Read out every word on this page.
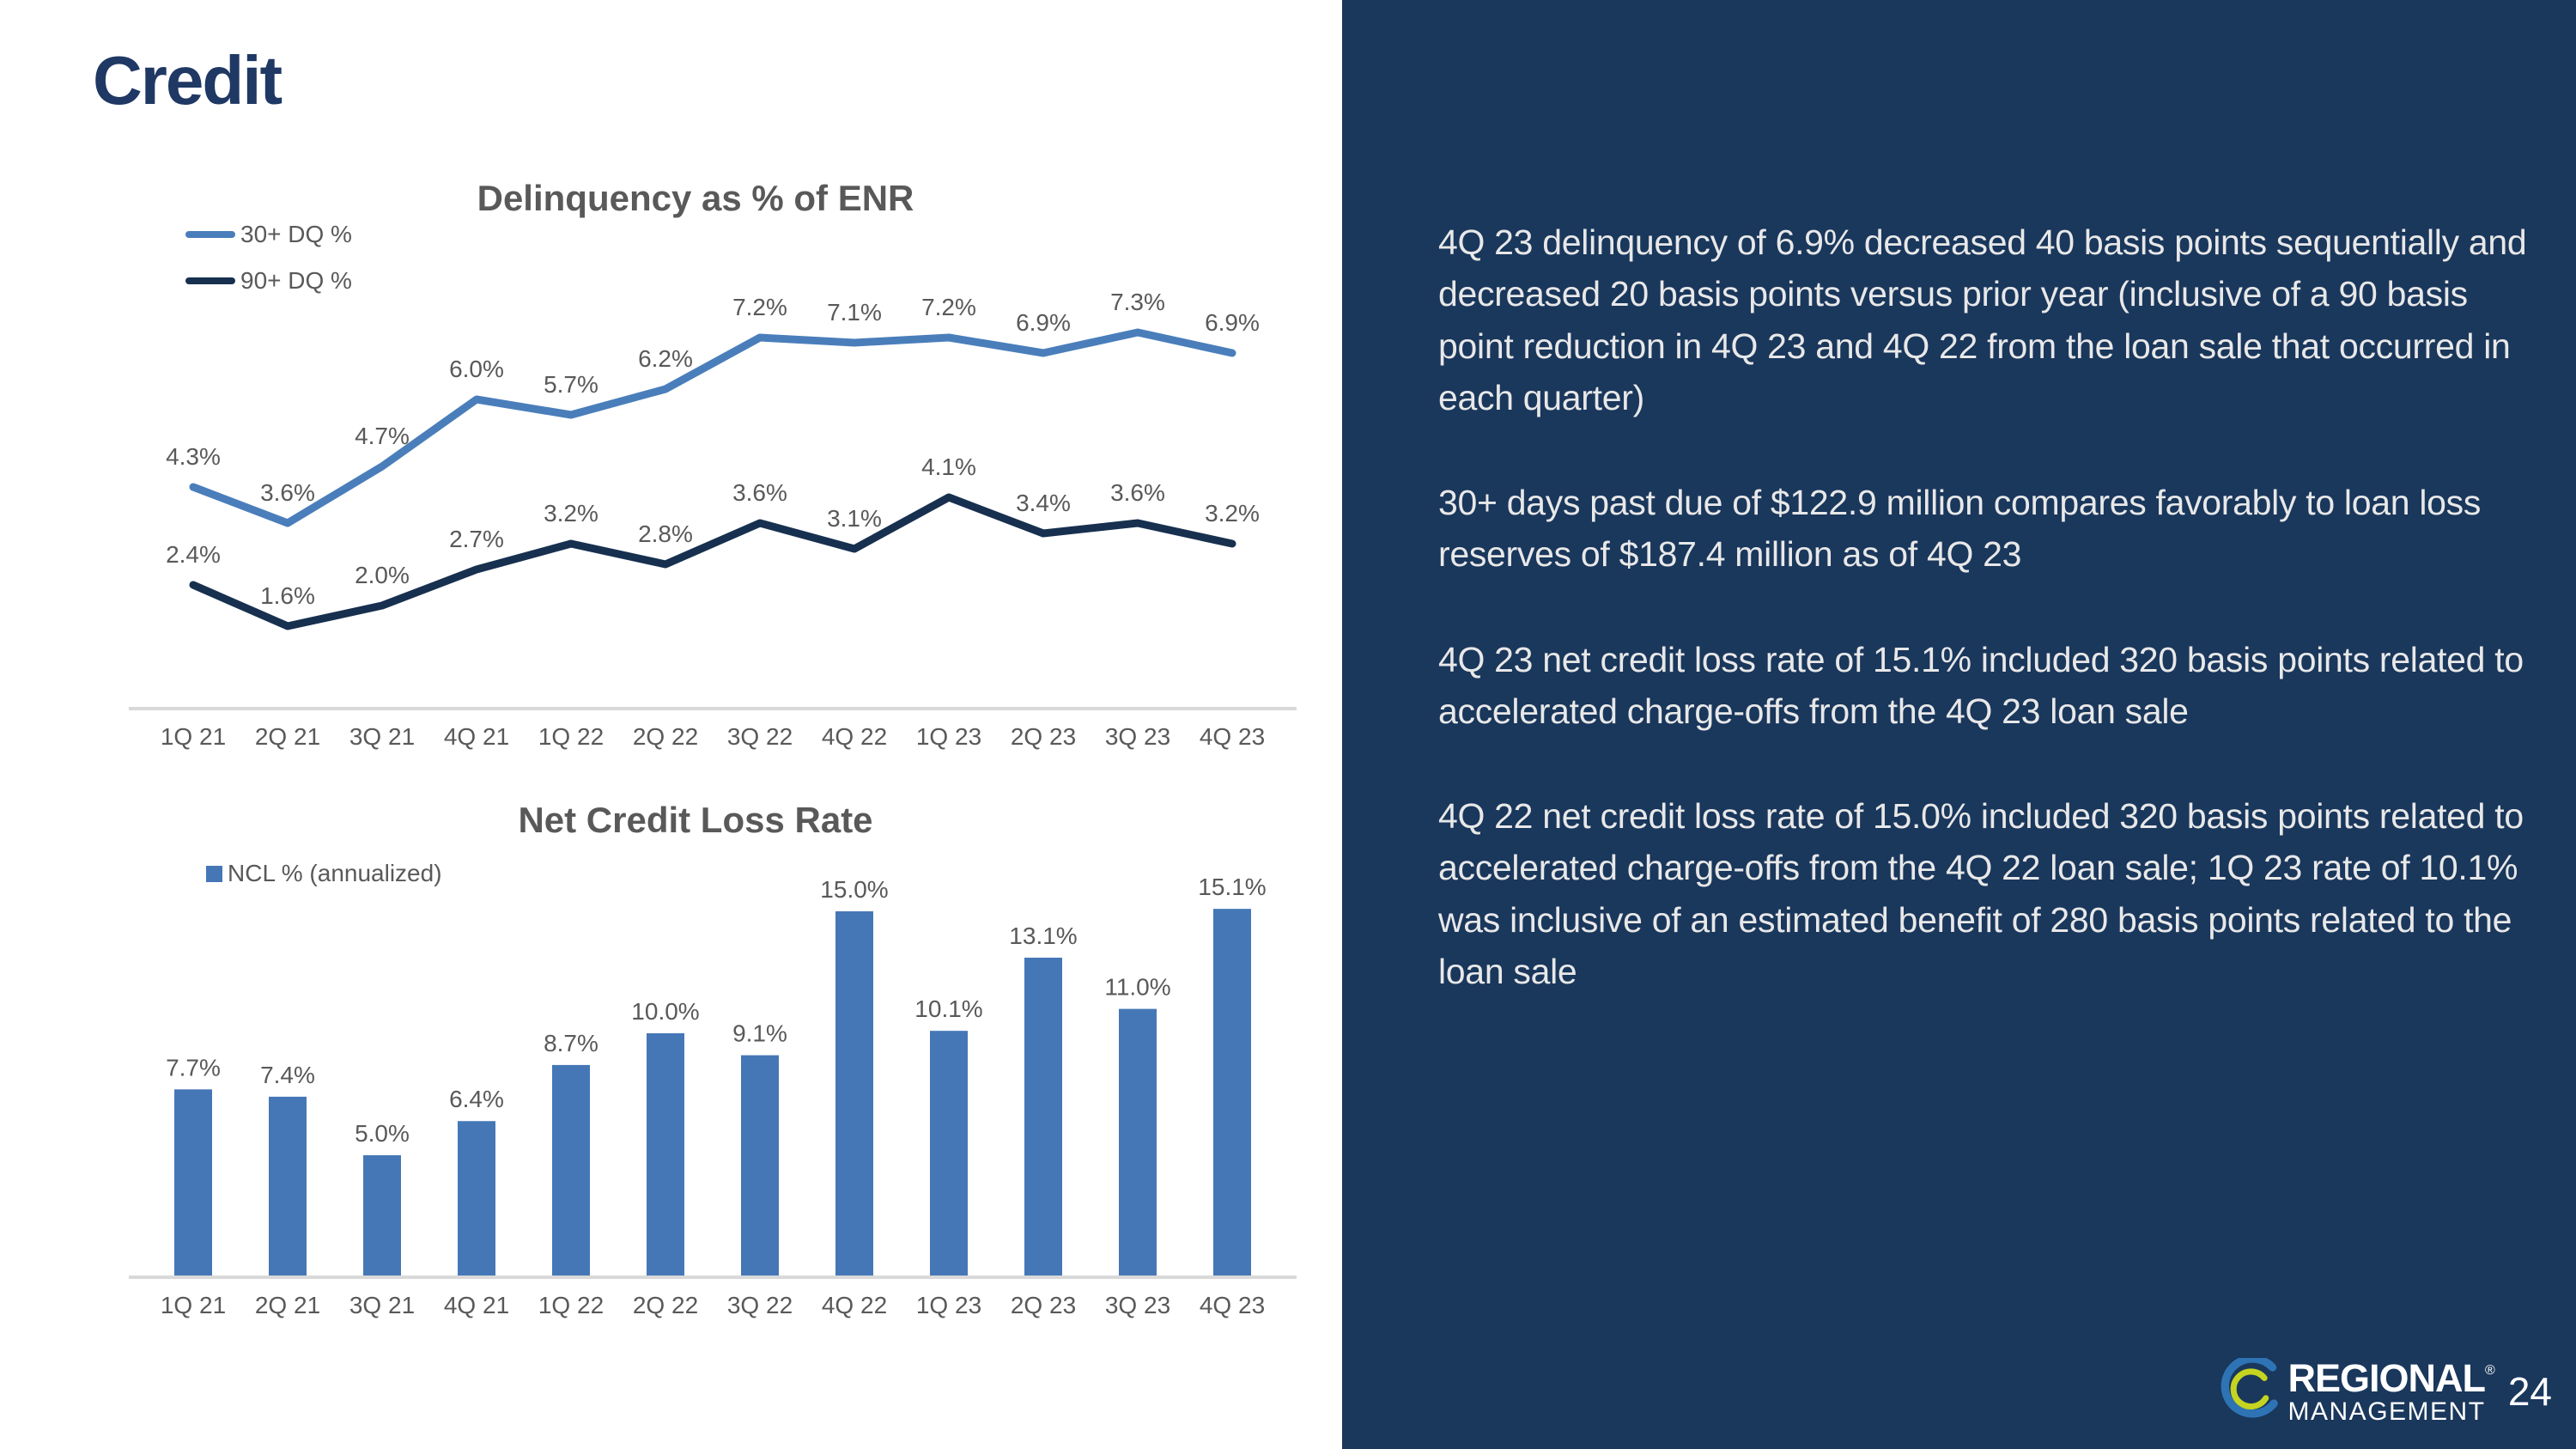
Credit
Delinquency as % of ENR
30+ DQ %
90+ DQ %
1Q 21 2Q 21 3Q 21 4Q 21 1Q 22 2Q 22 3Q 22 4Q 22 1Q 23 2Q 23 3Q 23 4Q 23
4.3%
3.6%
4.7%
6.0%
5.7%
6.2%
7.2% 7.1% 7.2%
6.9%
7.3%
6.9%
2.4%
1.6%
2.0%
2.7%
3.2%
2.8%
3.6%
3.1%
4.1%
3.4% 3.6%
3.2%
Net Credit Loss Rate
NCL % (annualized)
7.7% 7.4%
5.0%
6.4%
8.7%
10.0%
9.1%
15.0%
10.1%
13.1%
11.0%
15.1%
1Q 21 2Q 21 3Q 21 4Q 21 1Q 22 2Q 22 3Q 22 4Q 22 1Q 23 2Q 23 3Q 23 4Q 23

4Q 23 delinquency of 6.9% decreased 40 basis points sequentially and decreased 20 basis points versus prior year (inclusive of a 90 basis point reduction in 4Q 23 and 4Q 22 from the loan sale that occurred in each quarter)

30+ days past due of $122.9 million compares favorably to loan loss reserves of $187.4 million as of 4Q 23

4Q 23 net credit loss rate of 15.1% included 320 basis points related to accelerated charge-offs from the 4Q 23 loan sale

4Q 22 net credit loss rate of 15.0% included 320 basis points related to accelerated charge-offs from the 4Q 22 loan sale; 1Q 23 rate of 10.1% was inclusive of an estimated benefit of 280 basis points related to the loan sale

REGIONAL®
MANAGEMENT 24
